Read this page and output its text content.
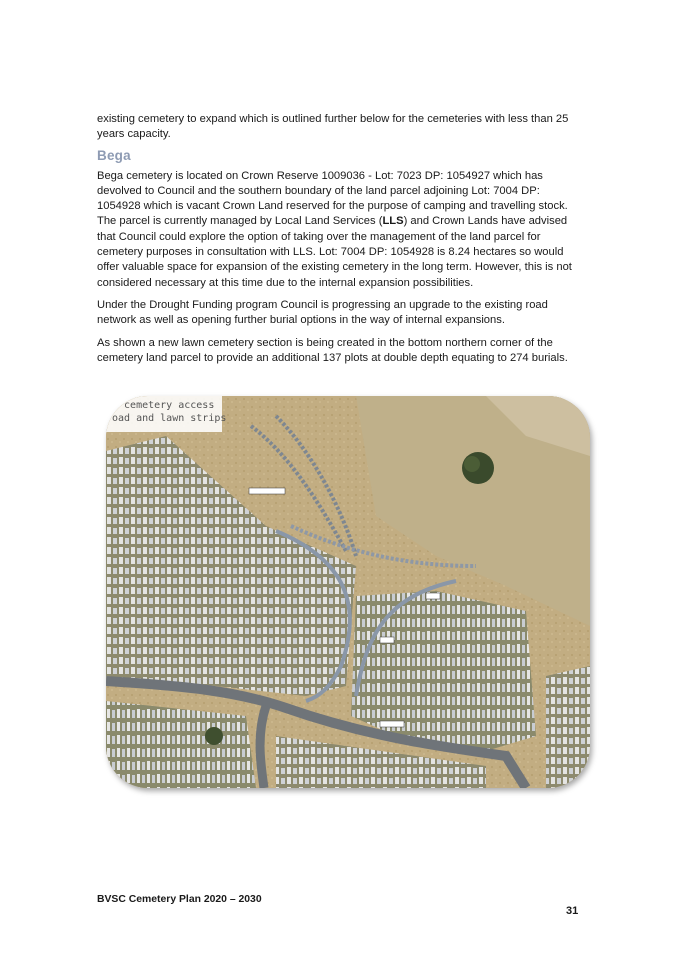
existing cemetery to expand which is outlined further below for the cemeteries with less than 25 years capacity.

Bega

Bega cemetery is located on Crown Reserve 1009036 - Lot: 7023 DP: 1054927 which has devolved to Council and the southern boundary of the land parcel adjoining Lot: 7004 DP: 1054928 which is vacant Crown Land reserved for the purpose of camping and travelling stock. The parcel is currently managed by Local Land Services (LLS) and Crown Lands have advised that Council could explore the option of taking over the management of the land parcel for cemetery purposes in consultation with LLS. Lot: 7004 DP: 1054928 is 8.24 hectares so would offer valuable space for expansion of the existing cemetery in the long term. However, this is not considered necessary at this time due to the internal expansion possibilities.

Under the Drought Funding program Council is progressing an upgrade to the existing road network as well as opening further burial options in the way of internal expansions.

As shown a new lawn cemetery section is being created in the bottom northern corner of the cemetery land parcel to provide an additional 137 plots at double depth equating to 274 burials.

s cemetery access
oad and lawn strips
BVSC Cemetery Plan 2020 – 2030
31
